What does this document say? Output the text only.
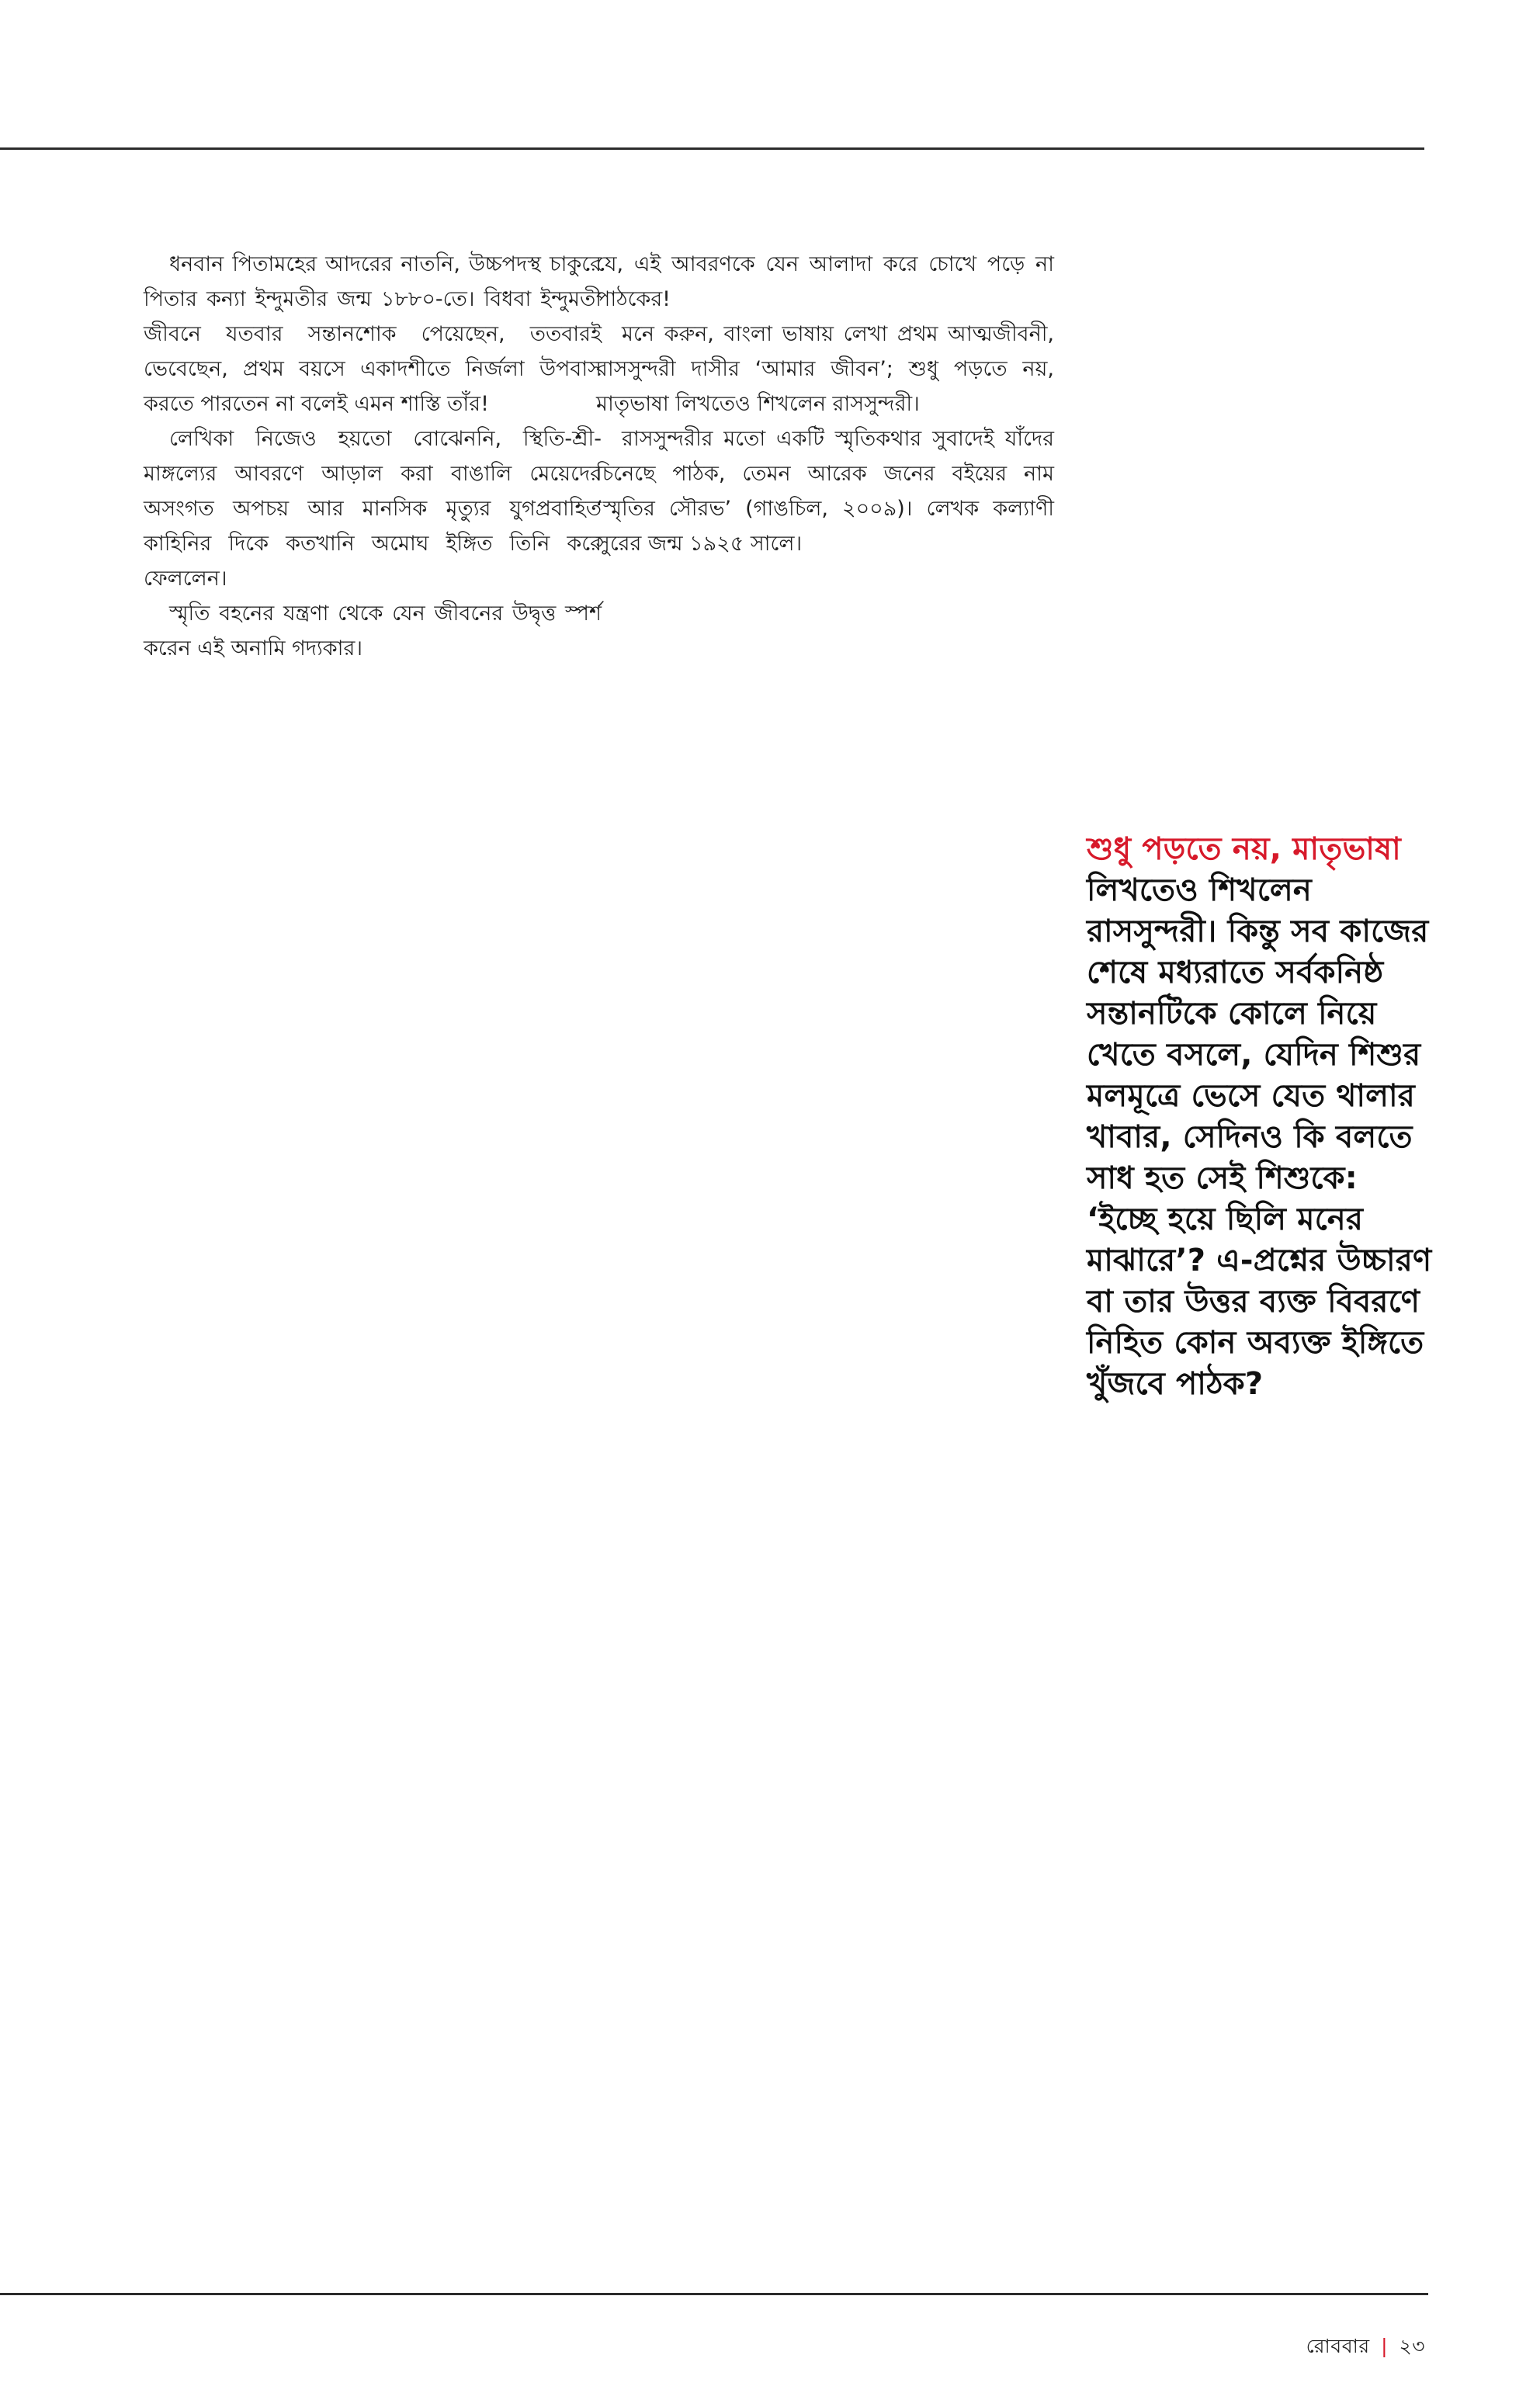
ধনবান পিতামহের আদরের নাতনি, উচ্চপদস্থ চাকুরে পিতার কন্যা ইন্দুমতীর জন্ম ১৮৮০-তে। বিধবা ইন্দুমতী জীবনে যতবার সন্তানশোক পেয়েছেন, ততবারই ভেবেছেন, প্রথম বয়সে একাদশীতে নির্জলা উপবাস করতে পারতেন না বলেই এমন শাস্তি তাঁর!

লেখিকা নিজেও হয়তো বোঝেননি, স্থিতি-শ্রী-মাঙ্গল্যের আবরণে আড়াল করা বাঙালি মেয়েদের অসংগত অপচয় আর মানসিক মৃত্যুর যুগপ্রবাহিত কাহিনির দিকে কতখানি অমোঘ ইঙ্গিত তিনি করে ফেললেন।

স্মৃতি বহনের যন্ত্রণা থেকে যেন জীবনের উদ্বৃত্ত স্পর্শ করেন এই অনামি গদ্যকার।

যে, এই আবরণকে যেন আলাদা করে চোখে পড়ে না পাঠকের!

মনে করুন, বাংলা ভাষায় লেখা প্রথম আত্মজীবনী, রাসসুন্দরী দাসীর ‘আমার জীবন’; শুধু পড়তে নয়, মাতৃভাষা লিখতেও শিখলেন রাসসুন্দরী।

রাসসুন্দরীর মতো একটি স্মৃতিকথার সুবাদেই যাঁদের চিনেছে পাঠক, তেমন আরেক জনের বইয়ের নাম ‘স্মৃতির সৌরভ’ (গাঙচিল, ২০০৯)। লেখক কল্যাণী সুরের জন্ম ১৯২৫ সালে।

শুধু পড়তে নয়, মাতৃভাষা লিখতেও শিখলেন রাসসুন্দরী। কিন্তু সব কাজের শেষে মধ্যরাতে সর্বকনিষ্ঠ সন্তানটিকে কোলে নিয়ে খেতে বসলে, যেদিন শিশুর মলমূত্রে ভেসে যেত থালার খাবার, সেদিনও কি বলতে সাধ হত সেই শিশুকে: ‘ইচ্ছে হয়ে ছিলি মনের মাঝারে’? এ-প্রশ্নের উচ্চারণ বা তার উত্তর ব্যক্ত বিবরণে নিহিত কোন অব্যক্ত ইঙ্গিতে খুঁজবে পাঠক?
রোববার | ২৩
